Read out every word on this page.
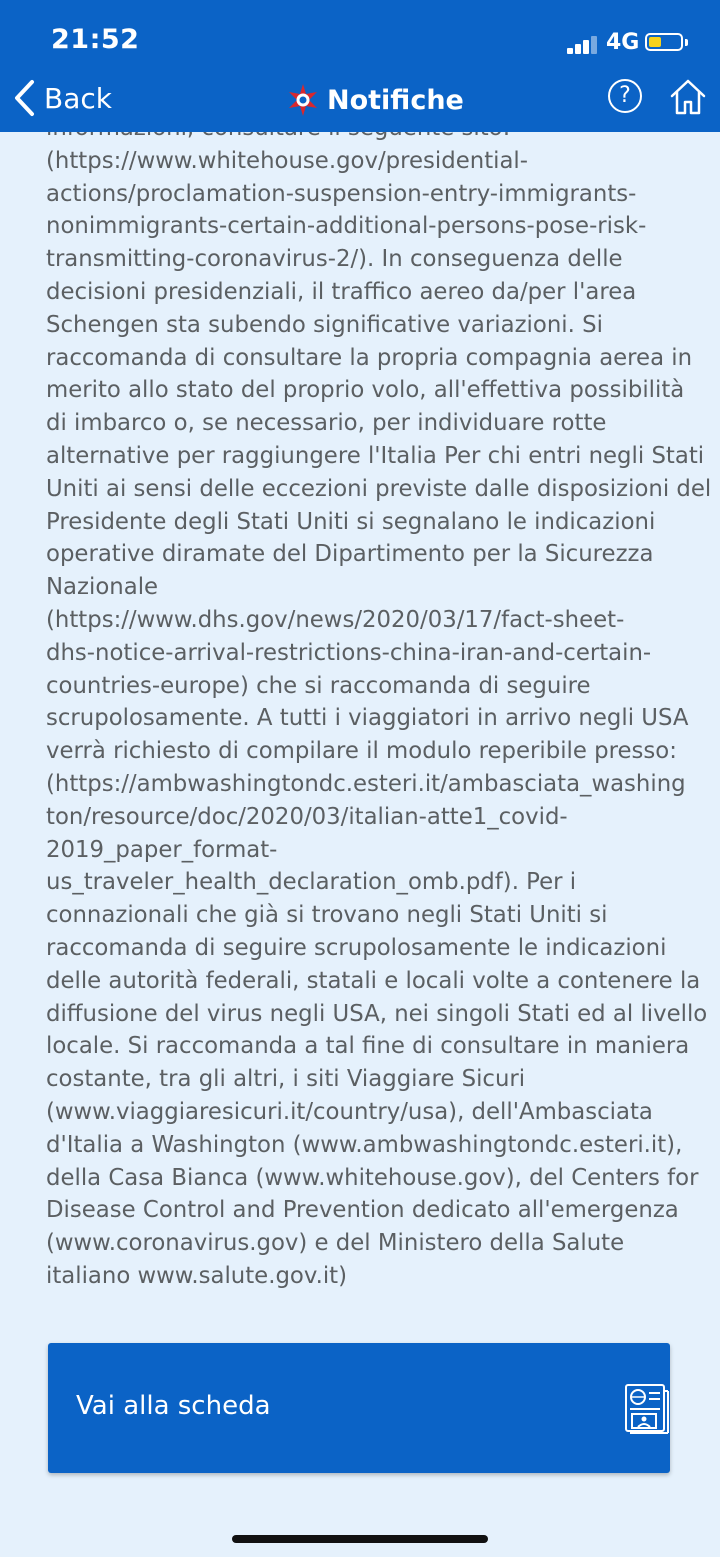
21:52	4G
Back	Notifiche	?
(https://www.whitehouse.gov/presidential-
actions/proclamation-suspension-entry-immigrants-
nonimmigrants-certain-additional-persons-pose-risk-
transmitting-coronavirus-2/). In conseguenza delle
decisioni presidenziali, il traffico aereo da/per l'area
Schengen sta subendo significative variazioni. Si
raccomanda di consultare la propria compagnia aerea in
merito allo stato del proprio volo, all'effettiva possibilità
di imbarco o, se necessario, per individuare rotte
alternative per raggiungere l'Italia Per chi entri negli Stati
Uniti ai sensi delle eccezioni previste dalle disposizioni del
Presidente degli Stati Uniti si segnalano le indicazioni
operative diramate del Dipartimento per la Sicurezza
Nazionale
(https://www.dhs.gov/news/2020/03/17/fact-sheet-
dhs-notice-arrival-restrictions-china-iran-and-certain-
countries-europe) che si raccomanda di seguire
scrupolosamente. A tutti i viaggiatori in arrivo negli USA
verrà richiesto di compilare il modulo reperibile presso:
(https://ambwashingtondc.esteri.it/ambasciata_washing
ton/resource/doc/2020/03/italian-atte1_covid-
2019_paper_format-
us_traveler_health_declaration_omb.pdf). Per i
connazionali che già si trovano negli Stati Uniti si
raccomanda di seguire scrupolosamente le indicazioni
delle autorità federali, statali e locali volte a contenere la
diffusione del virus negli USA, nei singoli Stati ed al livello
locale. Si raccomanda a tal fine di consultare in maniera
costante, tra gli altri, i siti Viaggiare Sicuri
(www.viaggiaresicuri.it/country/usa), dell'Ambasciata
d'Italia a Washington (www.ambwashingtondc.esteri.it),
della Casa Bianca (www.whitehouse.gov), del Centers for
Disease Control and Prevention dedicato all'emergenza
(www.coronavirus.gov) e del Ministero della Salute
italiano www.salute.gov.it)
Vai alla scheda
